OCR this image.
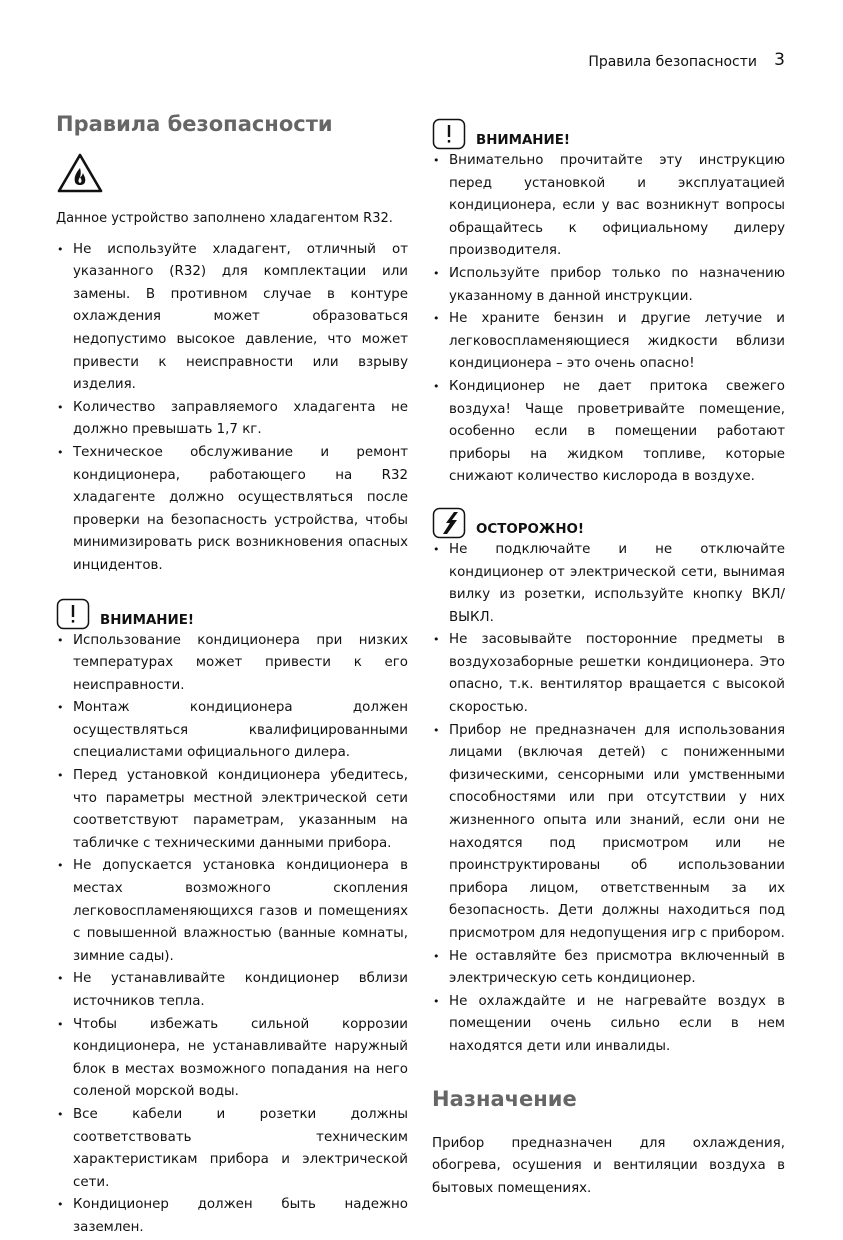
Правила безопасности 3
Правила безопасности

Данное устройство заполнено хладагентом R32.

• Не используйте хладагент, отличный от указанного (R32) для комплектации или замены. В противном случае в контуре охлаждения может образоваться недопустимо высокое давление, что может привести к неисправности или взрыву изделия.
• Количество заправляемого хладагента не должно превышать 1,7 кг.
• Техническое обслуживание и ремонт кондиционера, работающего на R32 хладагенте должно осуществляться после проверки на безопасность устройства, чтобы минимизировать риск возникновения опасных инцидентов.
ВНИМАНИЕ!
• Использование кондиционера при низких температурах может привести к его неисправности.
• Монтаж кондиционера должен осуществляться квалифицированными специалистами официального дилера.
• Перед установкой кондиционера убедитесь, что параметры местной электрической сети соответствуют параметрам, указанным на табличке с техническими данными прибора.
• Не допускается установка кондиционера в местах возможного скопления легковоспламеняющихся газов и помещениях с повышенной влажностью (ванные комнаты, зимние сады).
• Не устанавливайте кондиционер вблизи источников тепла.
• Чтобы избежать сильной коррозии кондиционера, не устанавливайте наружный блок в местах возможного попадания на него соленой морской воды.
• Все кабели и розетки должны соответствовать техническим характеристикам прибора и электрической сети.
• Кондиционер должен быть надежно заземлен.
ВНИМАНИЕ!
• Внимательно прочитайте эту инструкцию перед установкой и эксплуатацией кондиционера, если у вас возникнут вопросы обращайтесь к официальному дилеру производителя.
• Используйте прибор только по назначению указанному в данной инструкции.
• Не храните бензин и другие летучие и легковоспламеняющиеся жидкости вблизи кондиционера – это очень опасно!
• Кондиционер не дает притока свежего воздуха! Чаще проветривайте помещение, особенно если в помещении работают приборы на жидком топливе, которые снижают количество кислорода в воздухе.
ОСТОРОЖНО!
• Не подключайте и не отключайте кондиционер от электрической сети, вынимая вилку из розетки, используйте кнопку ВКЛ/ВЫКЛ.
• Не засовывайте посторонние предметы в воздухозаборные решетки кондиционера. Это опасно, т.к. вентилятор вращается с высокой скоростью.
• Прибор не предназначен для использования лицами (включая детей) с пониженными физическими, сенсорными или умственными способностями или при отсутствии у них жизненного опыта или знаний, если они не находятся под присмотром или не проинструктированы об использовании прибора лицом, ответственным за их безопасность. Дети должны находиться под присмотром для недопущения игр с прибором.
• Не оставляйте без присмотра включенный в электрическую сеть кондиционер.
• Не охлаждайте и не нагревайте воздух в помещении очень сильно если в нем находятся дети или инвалиды.
Назначение

Прибор предназначен для охлаждения, обогрева, осушения и вентиляции воздуха в бытовых помещениях.
